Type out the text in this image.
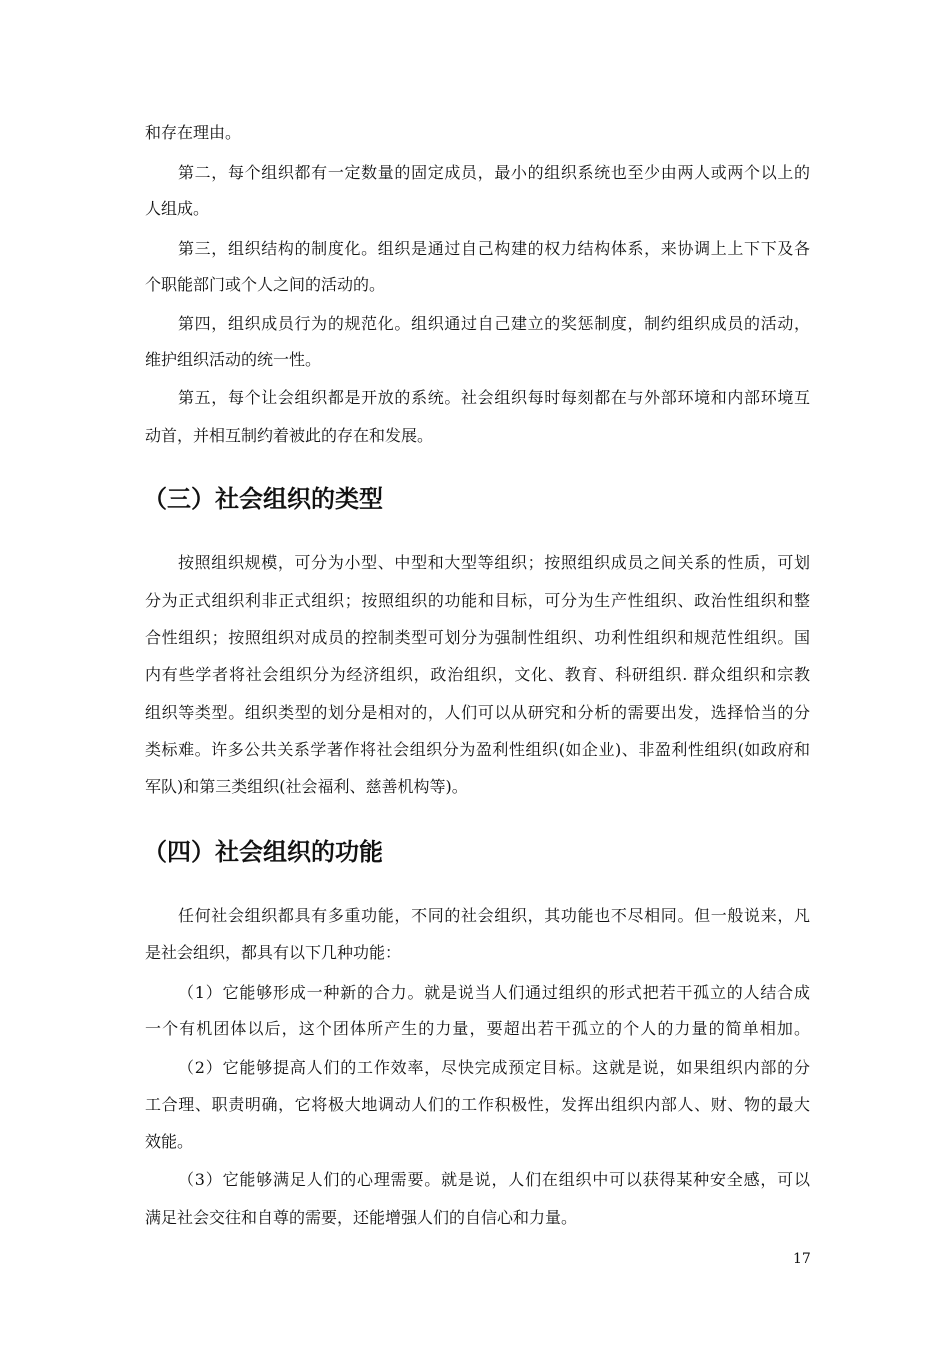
和存在理由。
第二，每个组织都有一定数量的固定成员，最小的组织系统也至少由两人或两个以上的
人组成。
第三，组织结构的制度化。组织是通过自己构建的权力结构体系，来协调上上下下及各
个职能部门或个人之间的活动的。
第四，组织成员行为的规范化。组织通过自己建立的奖惩制度，制约组织成员的活动，
维护组织活动的统一性。
第五，每个让会组织都是开放的系统。社会组织每时每刻都在与外部环境和内部环境互
动首，并相互制约着被此的存在和发展。
（三）社会组织的类型
按照组织规模，可分为小型、中型和大型等组织；按照组织成员之间关系的性质，可划
分为正式组织利非正式组织；按照组织的功能和目标，可分为生产性组织、政治性组织和整
合性组织；按照组织对成员的控制类型可划分为强制性组织、功利性组织和规范性组织。国
内有些学者将社会组织分为经济组织，政治组织，文化、教育、科研组织. 群众组织和宗教
组织等类型。组织类型的划分是相对的，人们可以从研究和分析的需要出发，选择恰当的分
类标难。许多公共关系学著作将社会组织分为盈利性组织(如企业)、非盈利性组织(如政府和
军队)和第三类组织(社会福利、慈善机构等)。
（四）社会组织的功能
任何社会组织都具有多重功能，不同的社会组织，其功能也不尽相同。但一般说来，凡
是社会组织，都具有以下几种功能：
（1）它能够形成一种新的合力。就是说当人们通过组织的形式把若干孤立的人结合成
一个有机团体以后，这个团体所产生的力量，要超出若干孤立的个人的力量的简单相加。
（2）它能够提高人们的工作效率，尽快完成预定目标。这就是说，如果组织内部的分
工合理、职责明确，它将极大地调动人们的工作积极性，发挥出组织内部人、财、物的最大
效能。
（3）它能够满足人们的心理需要。就是说，人们在组织中可以获得某种安全感，可以
满足社会交往和自尊的需要，还能增强人们的自信心和力量。
17
